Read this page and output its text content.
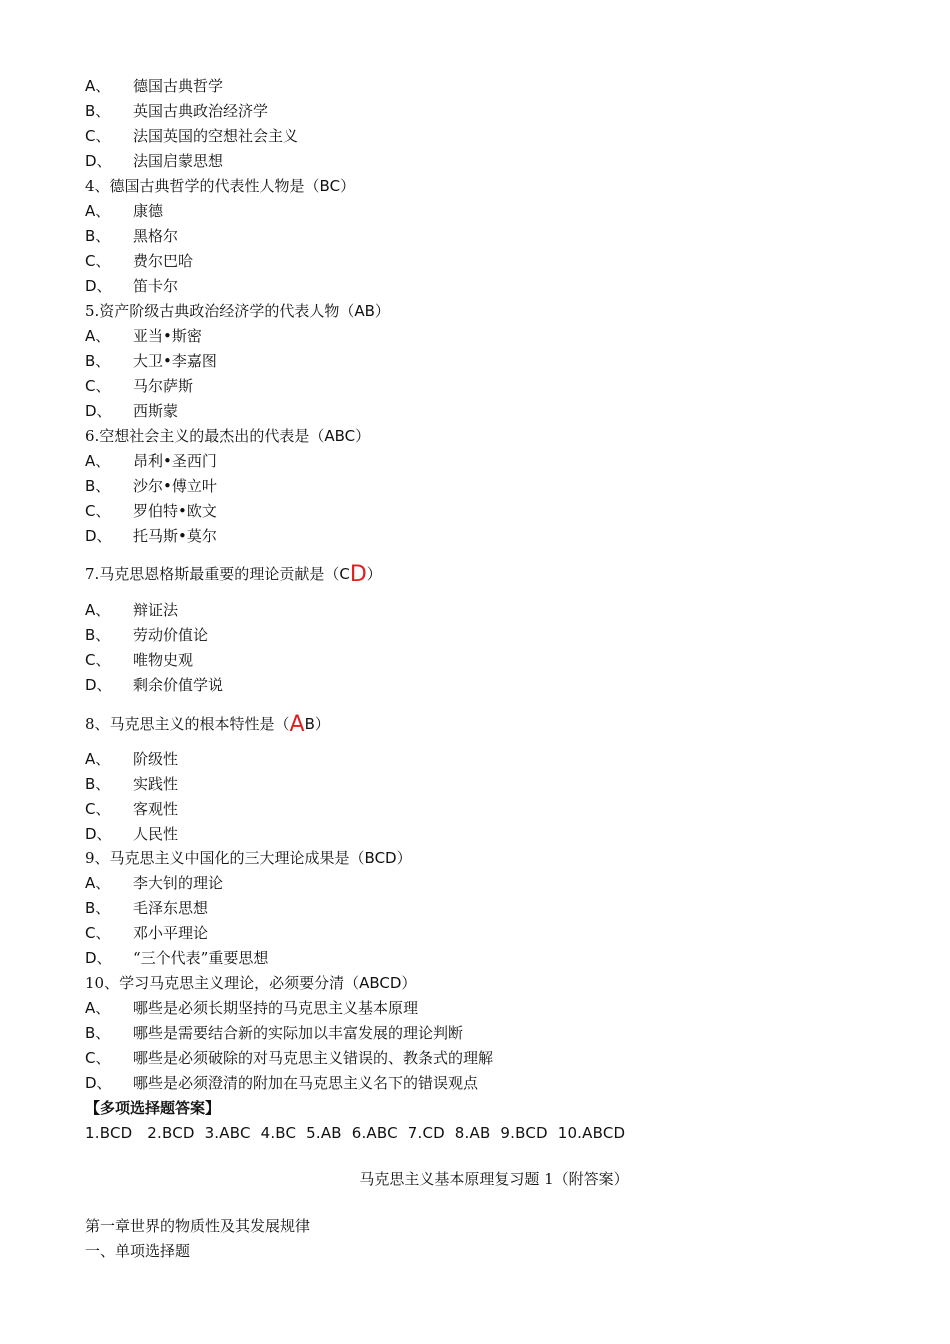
A、 德国古典哲学
B、 英国古典政治经济学
C、 法国英国的空想社会主义
D、 法国启蒙思想
4、德国古典哲学的代表性人物是（BC）
A、 康德
B、 黑格尔
C、 费尔巴哈
D、 笛卡尔
5.资产阶级古典政治经济学的代表人物（AB）
A、 亚当•斯密
B、 大卫•李嘉图
C、 马尔萨斯
D、 西斯蒙
6.空想社会主义的最杰出的代表是（ABC）
A、 昂利•圣西门
B、 沙尔•傅立叶
C、 罗伯特•欧文
D、 托马斯•莫尔
7.马克思恩格斯最重要的理论贡献是（CD）
A、 辩证法
B、 劳动价值论
C、 唯物史观
D、 剩余价值学说
8、马克思主义的根本特性是（AB）
A、 阶级性
B、 实践性
C、 客观性
D、 人民性
9、马克思主义中国化的三大理论成果是（BCD）
A、 李大钊的理论
B、 毛泽东思想
C、 邓小平理论
D、 “三个代表”重要思想
10、学习马克思主义理论，必须要分清（ABCD）
A、 哪些是必须长期坚持的马克思主义基本原理
B、 哪些是需要结合新的实际加以丰富发展的理论判断
C、 哪些是必须破除的对马克思主义错误的、教条式的理解
D、 哪些是必须澄清的附加在马克思主义名下的错误观点
【多项选择题答案】
1.BCD   2.BCD  3.ABC  4.BC  5.AB  6.ABC  7.CD  8.AB  9.BCD  10.ABCD
马克思主义基本原理复习题 1（附答案）
第一章世界的物质性及其发展规律
一、单项选择题
